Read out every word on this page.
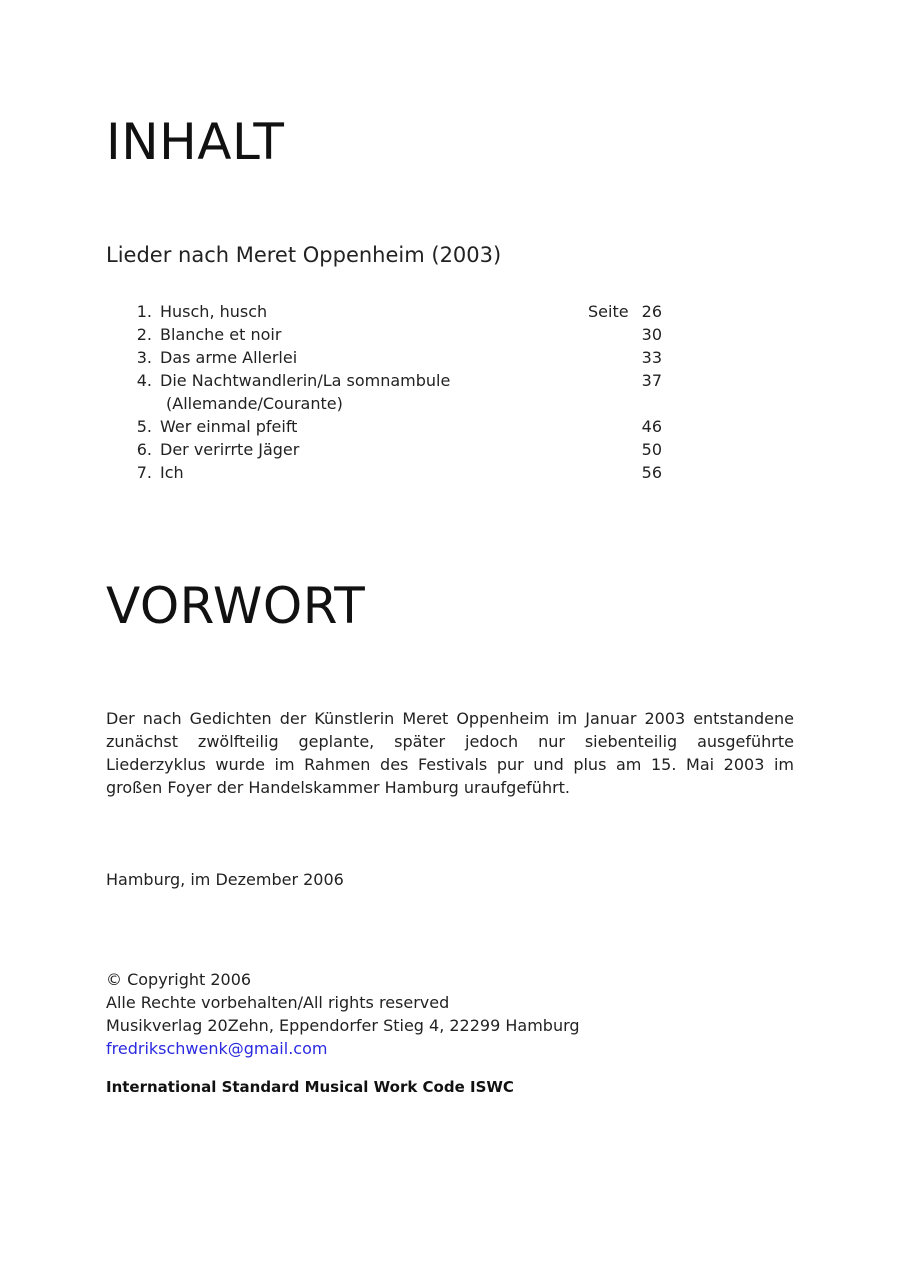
INHALT
Lieder nach Meret Oppenheim (2003)
1. Husch, husch	Seite 26
2. Blanche et noir	30
3. Das arme Allerlei	33
4. Die Nachtwandlerin/La somnambule	37
(Allemande/Courante)
5. Wer einmal pfeift	46
6. Der verirrte Jäger	50
7. Ich	56
VORWORT

Der nach Gedichten der Künstlerin Meret Oppenheim im Januar 2003 entstandene zunächst zwölfteilig geplante, später jedoch nur siebenteilig ausgeführte Liederzyklus wurde im Rahmen des Festivals pur und plus am 15. Mai 2003 im großen Foyer der Handelskammer Hamburg uraufgeführt.

Hamburg, im Dezember 2006

© Copyright 2006
Alle Rechte vorbehalten/All rights reserved
Musikverlag 20Zehn, Eppendorfer Stieg 4, 22299 Hamburg
fredrikschwenk@gmail.com

International Standard Musical Work Code ISWC
